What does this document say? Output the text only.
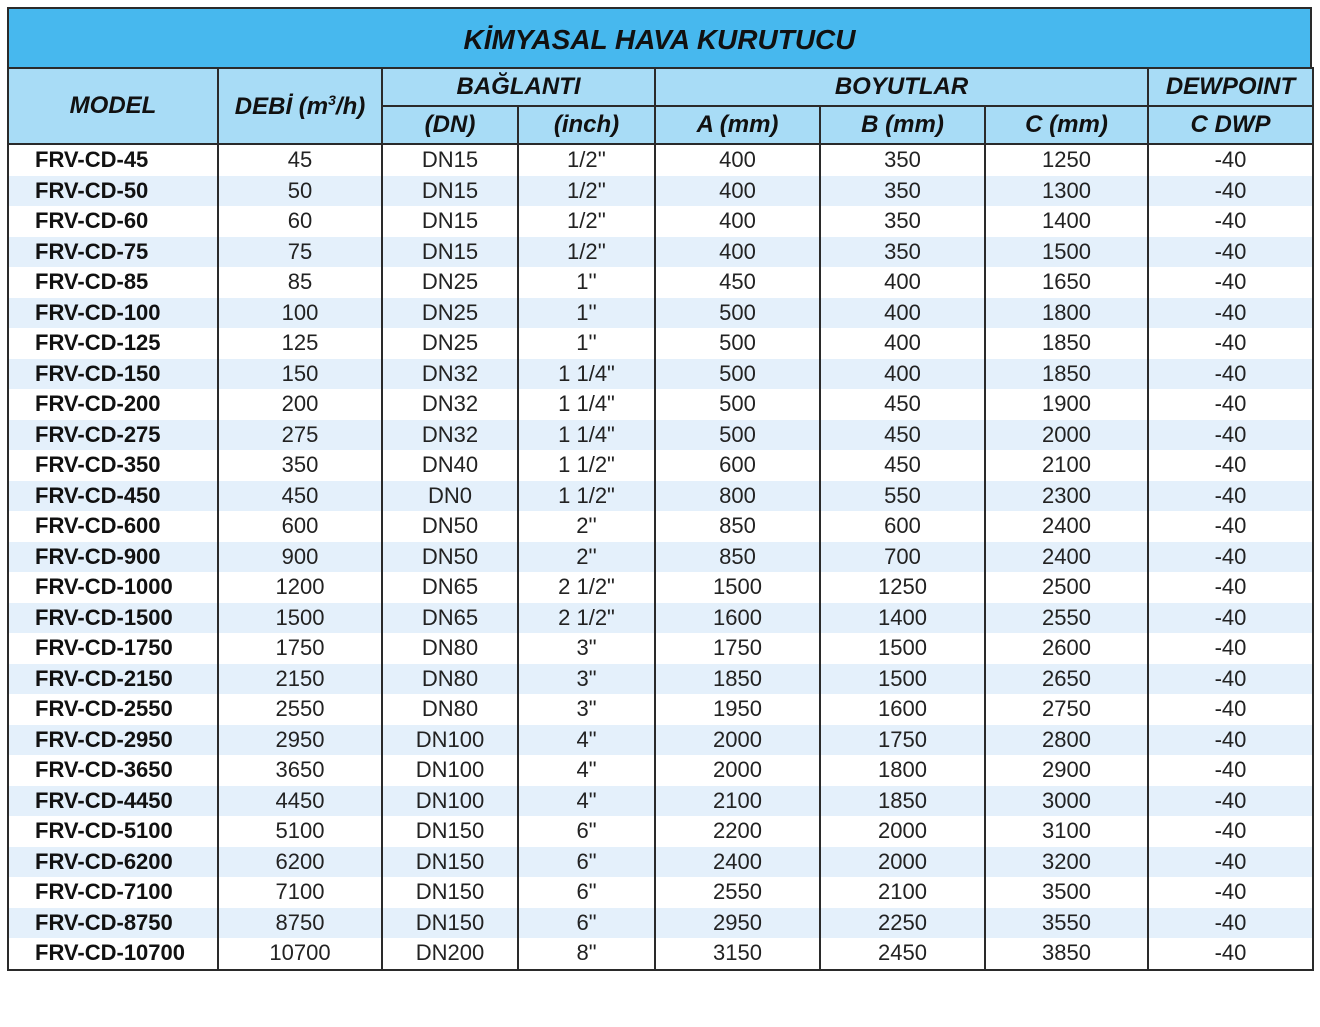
KİMYASAL HAVA KURUTUCU
MODEL	DEBİ $(m^3/h)$	BAĞLANTI		BOYUTLAR			DEWPOINT
		(DN)	(inch)	A (mm)	B (mm)	C (mm)	C DWP
FRV-CD-45	45	DN15	1/2''	400	350	1250	-40
FRV-CD-50	50	DN15	1/2''	400	350	1300	-40
FRV-CD-60	60	DN15	1/2''	400	350	1400	-40
FRV-CD-75	75	DN15	1/2''	400	350	1500	-40
FRV-CD-85	85	DN25	1''	450	400	1650	-40
FRV-CD-100	100	DN25	1''	500	400	1800	-40
FRV-CD-125	125	DN25	1''	500	400	1850	-40
FRV-CD-150	150	DN32	1 1/4"	500	400	1850	-40
FRV-CD-200	200	DN32	1 1/4"	500	450	1900	-40
FRV-CD-275	275	DN32	1 1/4"	500	450	2000	-40
FRV-CD-350	350	DN40	1 1/2"	600	450	2100	-40
FRV-CD-450	450	DN0	1 1/2"	800	550	2300	-40
FRV-CD-600	600	DN50	2''	850	600	2400	-40
FRV-CD-900	900	DN50	2''	850	700	2400	-40
FRV-CD-1000	1200	DN65	2 1/2"	1500	1250	2500	-40
FRV-CD-1500	1500	DN65	2 1/2"	1600	1400	2550	-40
FRV-CD-1750	1750	DN80	3"	1750	1500	2600	-40
FRV-CD-2150	2150	DN80	3"	1850	1500	2650	-40
FRV-CD-2550	2550	DN80	3"	1950	1600	2750	-40
FRV-CD-2950	2950	DN100	4"	2000	1750	2800	-40
FRV-CD-3650	3650	DN100	4"	2000	1800	2900	-40
FRV-CD-4450	4450	DN100	4"	2100	1850	3000	-40
FRV-CD-5100	5100	DN150	6"	2200	2000	3100	-40
FRV-CD-6200	6200	DN150	6"	2400	2000	3200	-40
FRV-CD-7100	7100	DN150	6"	2550	2100	3500	-40
FRV-CD-8750	8750	DN150	6"	2950	2250	3550	-40
FRV-CD-10700	10700	DN200	8"	3150	2450	3850	-40
